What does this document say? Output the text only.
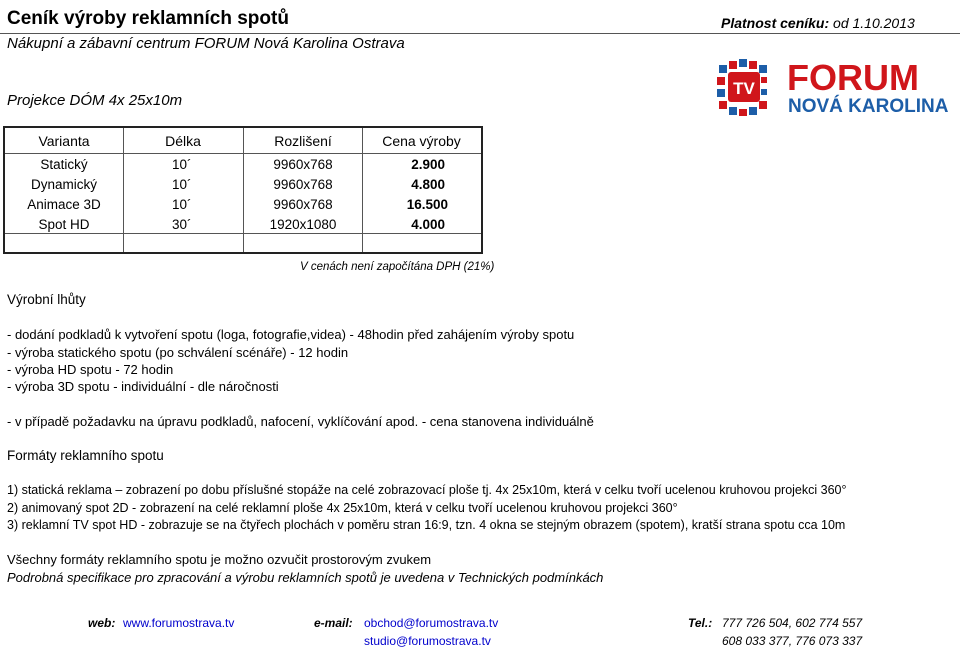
Ceník výroby reklamních spotů	Platnost ceníku: od 1.10.2013
Nákupní a zábavní centrum FORUM Nová Karolina Ostrava
Projekce DÓM 4x 25x10m
TV FORUM
NOVÁ KAROLINA
Varianta	Délka	Rozlišení	Cena výroby
Statický	10´	9960x768	2.900
Dynamický	10´	9960x768	4.800
Animace 3D	10´	9960x768	16.500
Spot HD	30´	1920x1080	4.000
V cenách není započítána DPH (21%)
Výrobní lhůty
- dodání podkladů k vytvoření spotu (loga, fotografie,videa) - 48hodin před zahájením výroby spotu
- výroba statického spotu (po schválení scénáře) - 12 hodin
- výroba HD spotu - 72 hodin
- výroba 3D spotu - individuální - dle náročnosti
- v případě požadavku na úpravu podkladů, nafocení, vyklíčování apod. - cena stanovena individuálně
Formáty reklamního spotu
1) statická reklama – zobrazení po dobu příslušné stopáže na celé zobrazovací ploše tj. 4x 25x10m, která v celku tvoří ucelenou kruhovou projekci 360°
2) animovaný spot 2D - zobrazení na celé reklamní ploše 4x 25x10m, která v celku tvoří ucelenou kruhovou projekci 360°
3) reklamní TV spot HD - zobrazuje se na čtyřech plochách v poměru stran 16:9, tzn. 4 okna se stejným obrazem (spotem), kratší strana spotu cca 10m
Všechny formáty reklamního spotu je možno ozvučit prostorovým zvukem
Podrobná specifikace pro zpracování a výrobu reklamních spotů je uvedena v Technických podmínkách
web: www.forumostrava.tv	e-mail: obchod@forumostrava.tv
studio@forumostrava.tv
Tel.: 777 726 504, 602 774 557
608 033 377, 776 073 337
